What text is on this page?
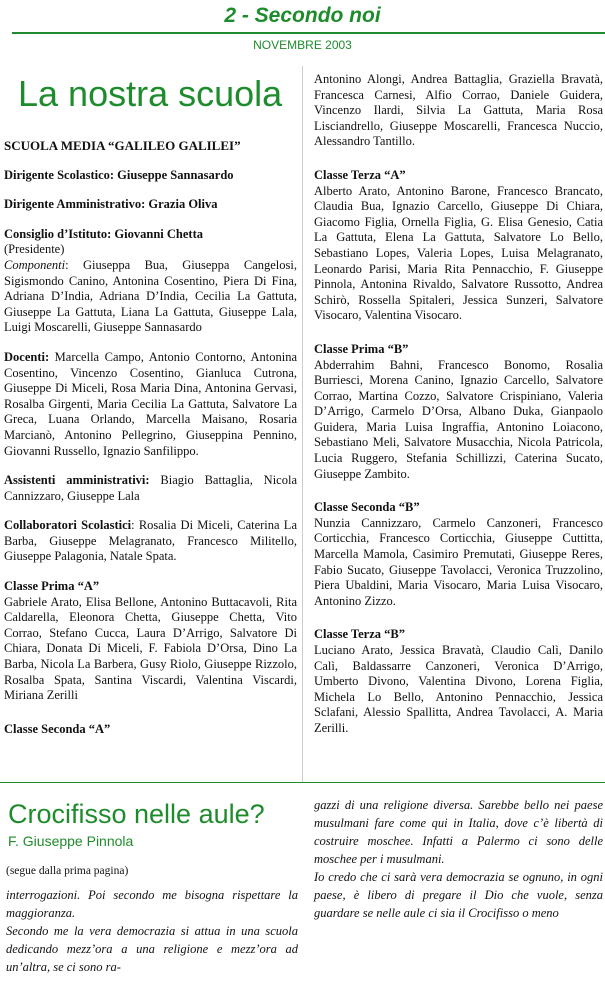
2 - Secondo noi
NOVEMBRE 2003
La nostra scuola

SCUOLA MEDIA “GALILEO GALILEI”

Dirigente Scolastico: Giuseppe Sannasardo

Dirigente Amministrativo: Grazia Oliva

Consiglio d’Istituto: Giovanni Chetta

(Presidente)

Componenti: Giuseppa Bua, Giuseppa Cangelosi, Sigismondo Canino, Antonina Cosentino, Piera Di Fina, Adriana D’India, Adriana D’India, Cecilia La Gattuta, Giuseppe La Gattuta, Liana La Gattuta, Giuseppe Lala, Luigi Moscarelli, Giuseppe Sannasardo

Docenti: Marcella Campo, Antonio Contorno, Antonina Cosentino, Vincenzo Cosentino, Gianluca Cutrona, Giuseppe Di Miceli, Rosa Maria Dina, Antonina Gervasi, Rosalba Girgenti, Maria Cecilia La Gattuta, Salvatore La Greca, Luana Orlando, Marcella Maisano, Rosaria Marcianò, Antonino Pellegrino, Giuseppina Pennino, Giovanni Russello, Ignazio Sanfilippo.

Assistenti amministrativi: Biagio Battaglia, Nicola Cannizzaro, Giuseppe Lala

Collaboratori Scolastici: Rosalia Di Miceli, Caterina La Barba, Giuseppe Melagranato, Francesco Militello, Giuseppe Palagonia, Natale Spata.

Classe Prima “A”

Gabriele Arato, Elisa Bellone, Antonino Buttacavoli, Rita Caldarella, Eleonora Chetta, Giuseppe Chetta, Vito Corrao, Stefano Cucca, Laura D’Arrigo, Salvatore Di Chiara, Donata Di Miceli, F. Fabiola D’Orsa, Dino La Barba, Nicola La Barbera, Gusy Riolo, Giuseppe Rizzolo, Rosalba Spata, Santina Viscardi, Valentina Viscardi, Miriana Zerilli

Classe Seconda “A”

Antonino Alongi, Andrea Battaglia, Graziella Bravatà, Francesca Carnesi, Alfio Corrao, Daniele Guidera, Vincenzo Ilardi, Silvia La Gattuta, Maria Rosa Lisciandrello, Giuseppe Moscarelli, Francesca Nuccio, Alessandro Tantillo.

Classe Terza “A”

Alberto Arato, Antonino Barone, Francesco Brancato, Claudia Bua, Ignazio Carcello, Giuseppe Di Chiara, Giacomo Figlia, Ornella Figlia, G. Elisa Genesio, Catia La Gattuta, Elena La Gattuta, Salvatore Lo Bello, Sebastiano Lopes, Valeria Lopes, Luisa Melagranato, Leonardo Parisi, Maria Rita Pennacchio, F. Giuseppe Pinnola, Antonina Rivaldo, Salvatore Russotto, Andrea Schirò, Rossella Spitaleri, Jessica Sunzeri, Salvatore Visocaro, Valentina Visocaro.

Classe Prima “B”

Abderrahim Bahni, Francesco Bonomo, Rosalia Burriesci, Morena Canino, Ignazio Carcello, Salvatore Corrao, Martina Cozzo, Salvatore Crispiniano, Valeria D’Arrigo, Carmelo D’Orsa, Albano Duka, Gianpaolo Guidera, Maria Luisa Ingraffia, Antonino Loiacono, Sebastiano Meli, Salvatore Musacchia, Nicola Patricola, Lucia Ruggero, Stefania Schillizzi, Caterina Sucato, Giuseppe Zambito.

Classe Seconda “B”

Nunzia Cannizzaro, Carmelo Canzoneri, Francesco Corticchia, Francesco Corticchia, Giuseppe Cuttitta, Marcella Mamola, Casimiro Premutati, Giuseppe Reres, Fabio Sucato, Giuseppe Tavolacci, Veronica Truzzolino, Piera Ubaldini, Maria Visocaro, Maria Luisa Visocaro, Antonino Zizzo.

Classe Terza “B”

Luciano Arato, Jessica Bravatà, Claudio Calì, Danilo Calì, Baldassarre Canzoneri, Veronica D’Arrigo, Umberto Divono, Valentina Divono, Lorena Figlia, Michela Lo Bello, Antonino Pennacchio, Jessica Sclafani, Alessio Spallitta, Andrea Tavolacci, A. Maria Zerilli.

Crocifisso nelle aule?
F. Giuseppe Pinnola

(segue dalla prima pagina)

interrogazioni. Poi secondo me bisogna rispettare la maggioranza.

Secondo me la vera democrazia si attua in una scuola dedicando mezz’ora a una religione e mezz’ora ad un’altra, se ci sono ra-

gazzi di una religione diversa. Sarebbe bello nei paese musulmani fare come qui in Italia, dove c’è libertà di costruire moschee. Infatti a Palermo ci sono delle moschee per i musulmani.

Io credo che ci sarà vera democrazia se ognuno, in ogni paese, è libero di pregare il Dio che vuole, senza guardare se nelle aule ci sia il Crocifisso o meno
